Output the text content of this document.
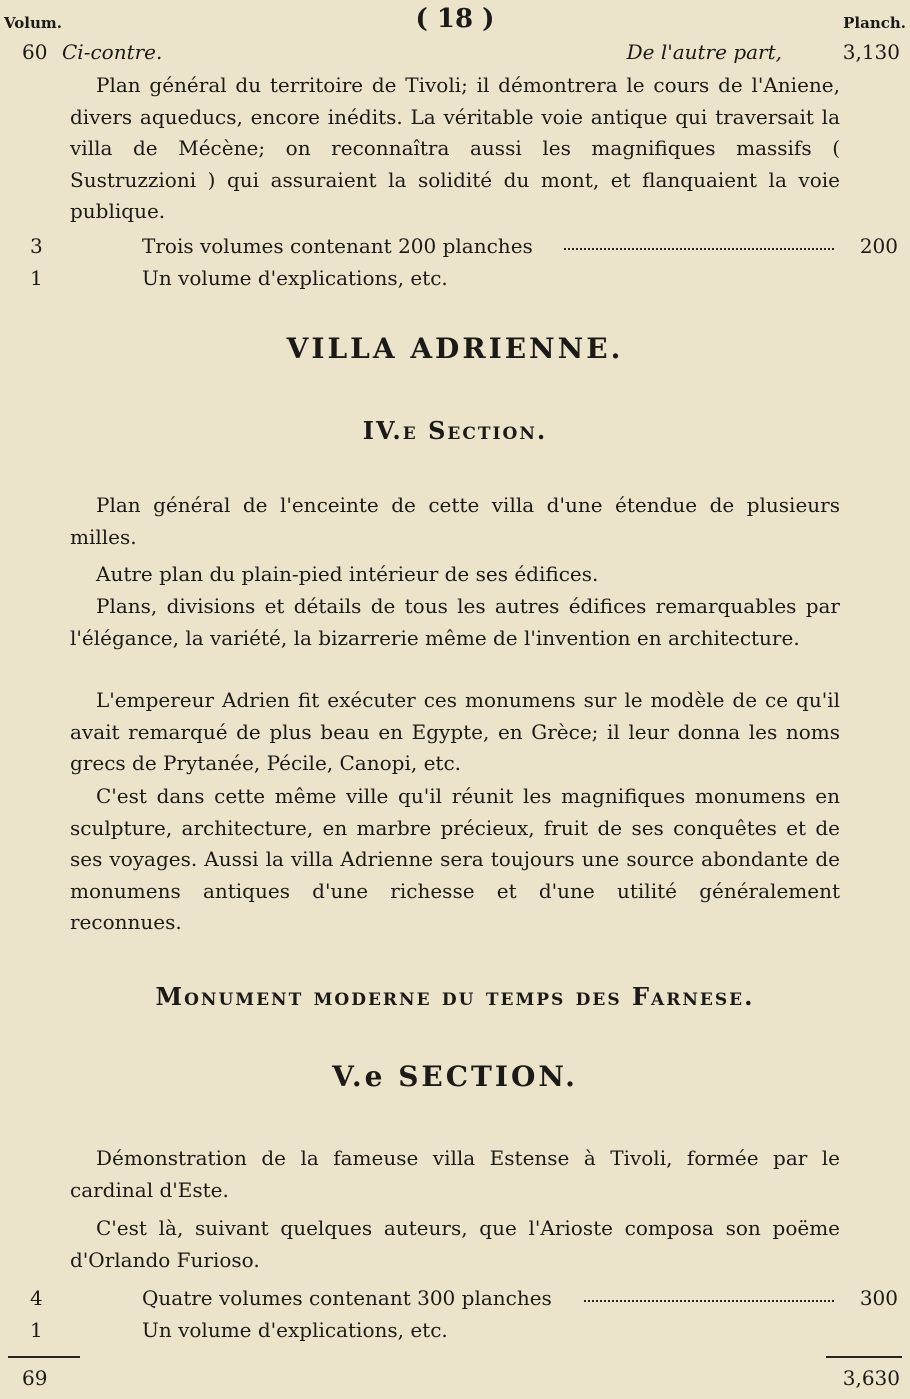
Volum.	( 18 )	Planch.
60 Ci-contre.	De l'autre part,	3,130
Plan général du territoire de Tivoli; il démontrera le cours de l'Aniene, divers aqueducs, encore inédits. La véritable voie antique qui traversait la villa de Mécène; on reconnaîtra aussi les magnifiques massifs ( Sustruzzioni ) qui assuraient la solidité du mont, et flanquaient la voie publique.
3	Trois volumes contenant 200 planches	200
1	Un volume d'explications, etc.
VILLA ADRIENNE.
IV.e Section.
Plan général de l'enceinte de cette villa d'une étendue de plusieurs milles.
Autre plan du plain-pied intérieur de ses édifices.
Plans, divisions et détails de tous les autres édifices remarquables par l'élégance, la variété, la bizarrerie même de l'invention en architecture.
L'empereur Adrien fit exécuter ces monumens sur le modèle de ce qu'il avait remarqué de plus beau en Egypte, en Grèce; il leur donna les noms grecs de Prytanée, Pécile, Canopi, etc.
C'est dans cette même ville qu'il réunit les magnifiques monumens en sculpture, architecture, en marbre précieux, fruit de ses conquêtes et de ses voyages. Aussi la villa Adrienne sera toujours une source abondante de monumens antiques d'une richesse et d'une utilité généralement reconnues.
Monument moderne du temps des Farnese.
V.e SECTION.
Démonstration de la fameuse villa Estense à Tivoli, formée par le cardinal d'Este.
C'est là, suivant quelques auteurs, que l'Arioste composa son poëme d'Orlando Furioso.
4	Quatre volumes contenant 300 planches	300
1	Un volume d'explications, etc.
69	3,630
